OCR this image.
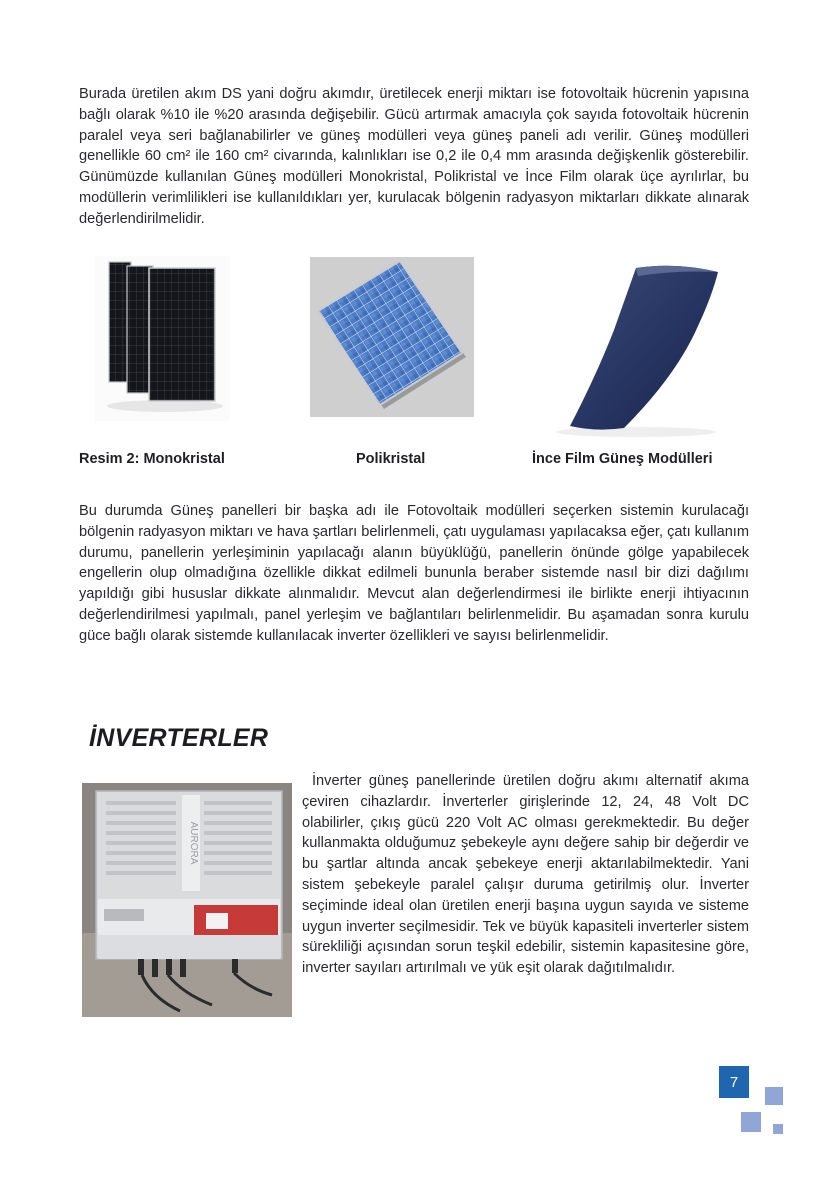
Burada üretilen akım DS yani doğru akımdır, üretilecek enerji miktarı ise fotovoltaik hücrenin yapısına bağlı olarak %10 ile %20 arasında değişebilir. Gücü artırmak amacıyla çok sayıda fotovoltaik hücrenin paralel veya seri bağlanabilirler ve güneş modülleri veya güneş paneli adı verilir. Güneş modülleri genellikle 60 cm² ile 160 cm² civarında, kalınlıkları ise 0,2 ile 0,4 mm arasında değişkenlik gösterebilir. Günümüzde kullanılan Güneş modülleri Monokristal, Polikristal ve İnce Film olarak üçe ayrılırlar, bu modüllerin verimlilikleri ise kullanıldıkları yer, kurulacak bölgenin radyasyon miktarları dikkate alınarak değerlendirilmelidir.

Resim 2: Monokristal	Polikristal	İnce Film Güneş Modülleri

Bu durumda Güneş panelleri bir başka adı ile Fotovoltaik modülleri seçerken sistemin kurulacağı bölgenin radyasyon miktarı ve hava şartları belirlenmeli, çatı uygulaması yapılacaksa eğer, çatı kullanım durumu, panellerin yerleşiminin yapılacağı alanın büyüklüğü, panellerin önünde gölge yapabilecek engellerin olup olmadığına özellikle dikkat edilmeli bununla beraber sistemde nasıl bir dizi dağılımı yapıldığı gibi hususlar dikkate alınmalıdır. Mevcut alan değerlendirmesi ile birlikte enerji ihtiyacının değerlendirilmesi yapılmalı, panel yerleşim ve bağlantıları belirlenmelidir. Bu aşamadan sonra kurulu güce bağlı olarak sistemde kullanılacak inverter özellikleri ve sayısı belirlenmelidir.

İNVERTERLER
AURORA

İnverter güneş panellerinde üretilen doğru akımı alternatif akıma çeviren cihazlardır. İnverterler girişlerinde 12, 24, 48 Volt DC olabilirler, çıkış gücü 220 Volt AC olması gerekmektedir. Bu değer kullanmakta olduğumuz şebekeyle aynı değere sahip bir değerdir ve bu şartlar altında ancak şebekeye enerji aktarılabilmektedir. Yani sistem şebekeyle paralel çalışır duruma getirilmiş olur. İnverter seçiminde ideal olan üretilen enerji başına uygun sayıda ve sisteme uygun inverter seçilmesidir. Tek ve büyük kapasiteli inverterler sistem sürekliliği açısından sorun teşkil edebilir, sistemin kapasitesine göre, inverter sayıları artırılmalı ve yük eşit olarak dağıtılmalıdır.

7
